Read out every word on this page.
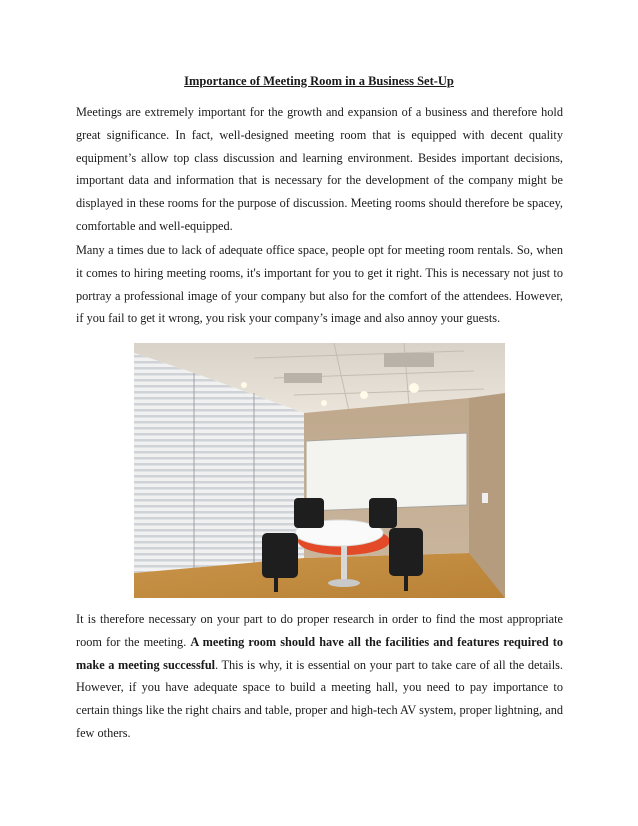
Importance of Meeting Room in a Business Set-Up

Meetings are extremely important for the growth and expansion of a business and therefore hold great significance. In fact, well-designed meeting room that is equipped with decent quality equipment’s allow top class discussion and learning environment. Besides important decisions, important data and information that is necessary for the development of the company might be displayed in these rooms for the purpose of discussion. Meeting rooms should therefore be spacey, comfortable and well-equipped.

Many a times due to lack of adequate office space, people opt for meeting room rentals. So, when it comes to hiring meeting rooms, it's important for you to get it right. This is necessary not just to portray a professional image of your company but also for the comfort of the attendees. However, if you fail to get it wrong, you risk your company’s image and also annoy your guests.

It is therefore necessary on your part to do proper research in order to find the most appropriate room for the meeting. A meeting room should have all the facilities and features required to make a meeting successful. This is why, it is essential on your part to take care of all the details. However, if you have adequate space to build a meeting hall, you need to pay importance to certain things like the right chairs and table, proper and high-tech AV system, proper lightning, and few others.
